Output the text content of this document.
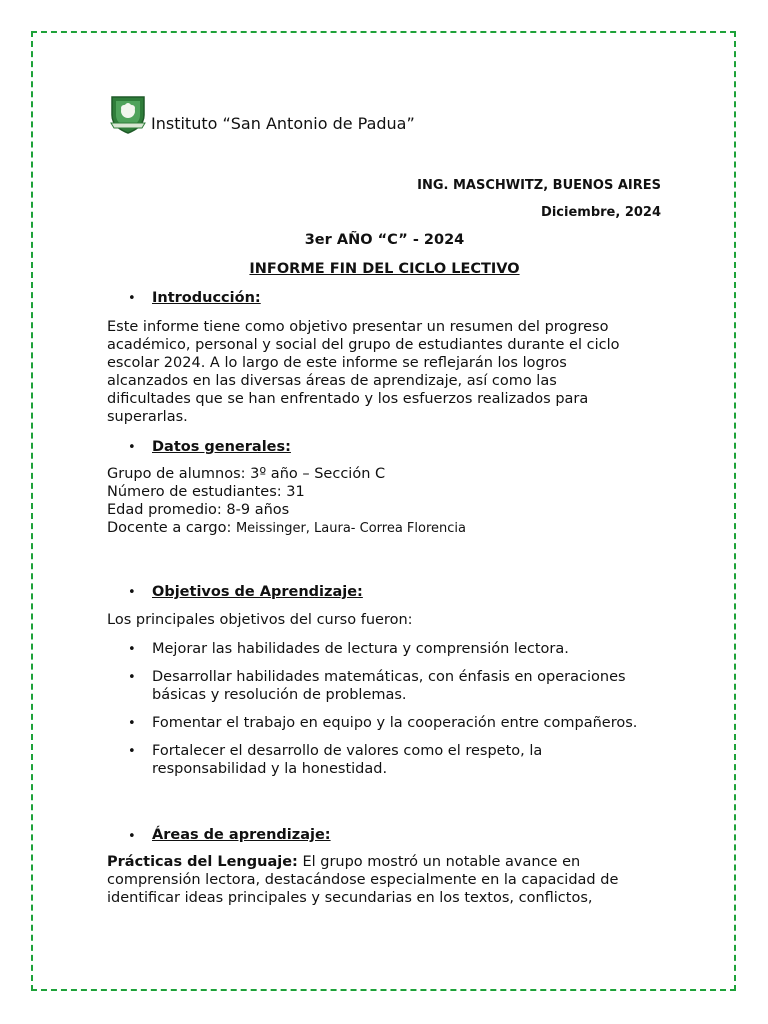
Instituto “San Antonio de Padua”
ING. MASCHWITZ, BUENOS AIRES
Diciembre, 2024
3er AÑO “C” - 2024
INFORME FIN DEL CICLO LECTIVO
• Introducción:
Este informe tiene como objetivo presentar un resumen del progreso
académico, personal y social del grupo de estudiantes durante el ciclo
escolar 2024. A lo largo de este informe se reflejarán los logros
alcanzados en las diversas áreas de aprendizaje, así como las
dificultades que se han enfrentado y los esfuerzos realizados para
superarlas.
• Datos generales:
Grupo de alumnos: 3º año – Sección C
Número de estudiantes: 31
Edad promedio: 8-9 años
Docente a cargo: Meissinger, Laura- Correa Florencia
• Objetivos de Aprendizaje:
Los principales objetivos del curso fueron:
• Mejorar las habilidades de lectura y comprensión lectora.
• Desarrollar habilidades matemáticas, con énfasis en operaciones
básicas y resolución de problemas.
• Fomentar el trabajo en equipo y la cooperación entre compañeros.
• Fortalecer el desarrollo de valores como el respeto, la
responsabilidad y la honestidad.
• Áreas de aprendizaje:
Prácticas del Lenguaje: El grupo mostró un notable avance en
comprensión lectora, destacándose especialmente en la capacidad de
identificar ideas principales y secundarias en los textos, conflictos,
